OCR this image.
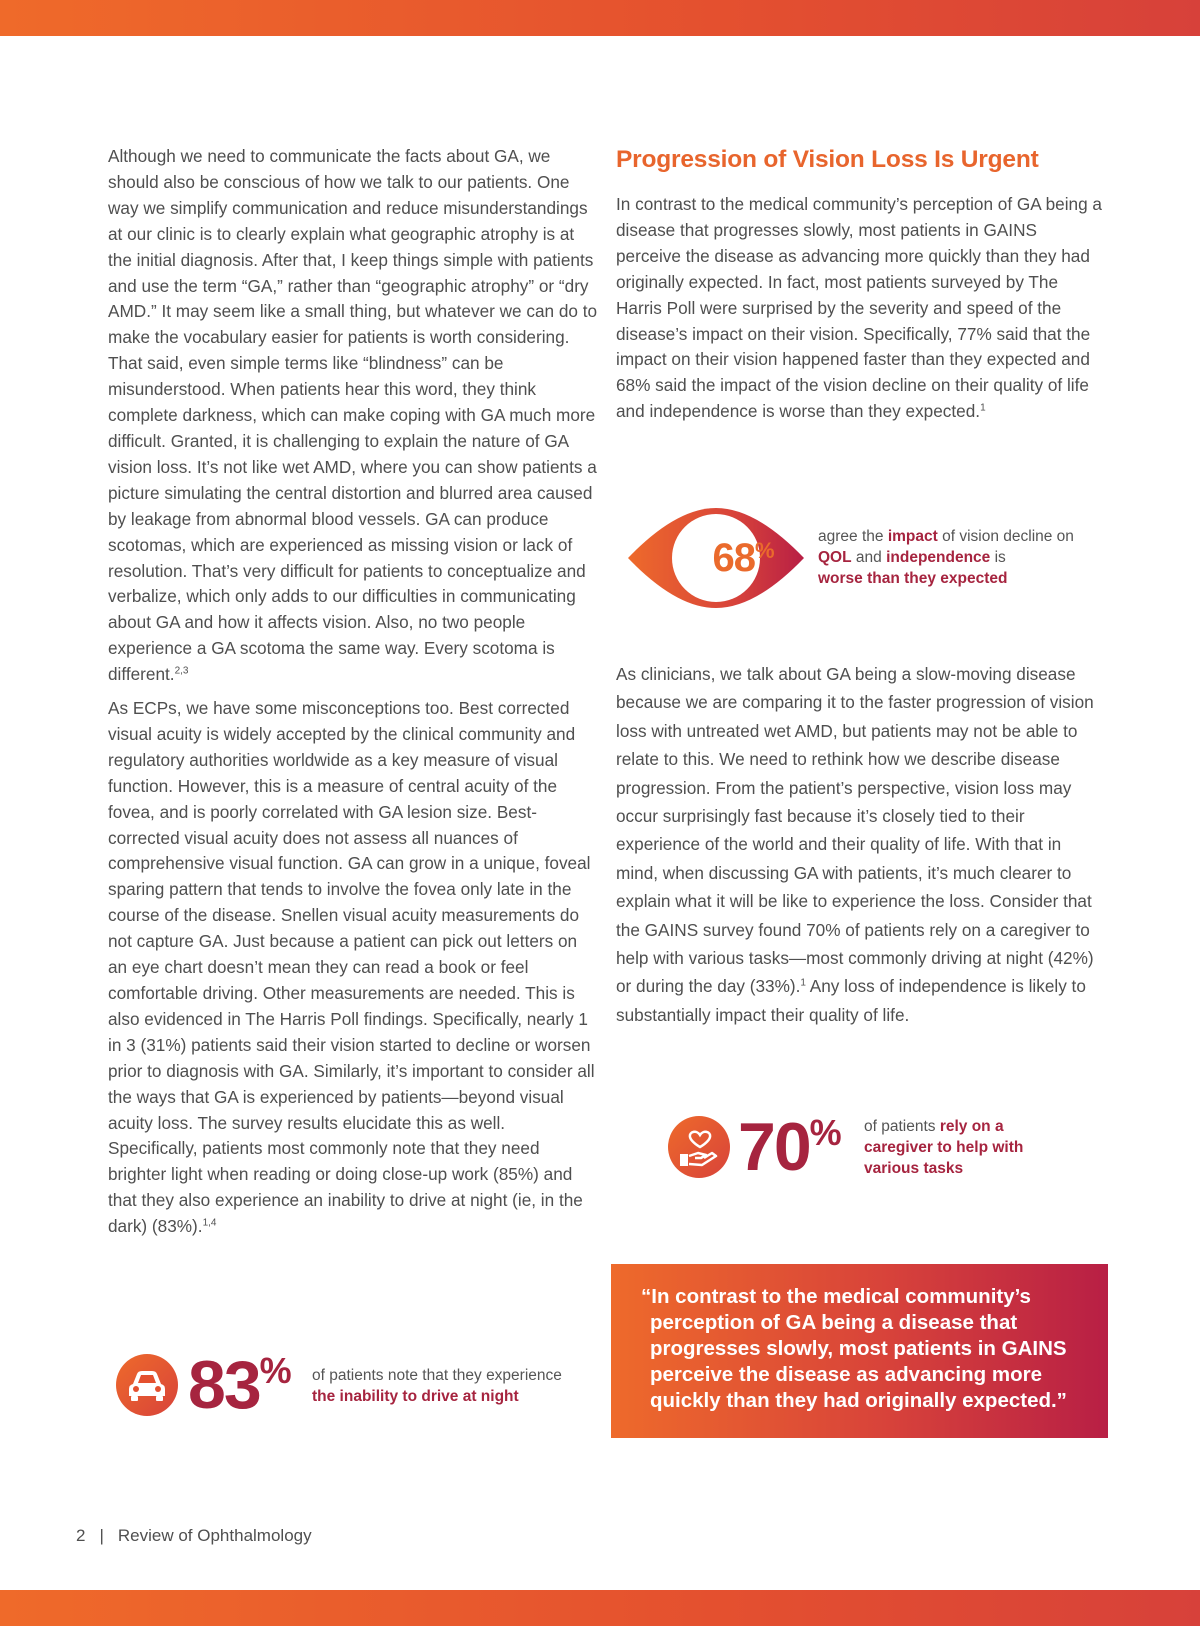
Although we need to communicate the facts about GA, we should also be conscious of how we talk to our patients. One way we simplify communication and reduce misunderstandings at our clinic is to clearly explain what geographic atrophy is at the initial diagnosis. After that, I keep things simple with patients and use the term “GA,” rather than “geographic atrophy” or “dry AMD.” It may seem like a small thing, but whatever we can do to make the vocabulary easier for patients is worth considering. That said, even simple terms like “blindness” can be misunderstood. When patients hear this word, they think complete darkness, which can make coping with GA much more difficult. Granted, it is challenging to explain the nature of GA vision loss. It’s not like wet AMD, where you can show patients a picture simulating the central distortion and blurred area caused by leakage from abnormal blood vessels. GA can produce scotomas, which are experienced as missing vision or lack of resolution. That’s very difficult for patients to conceptualize and verbalize, which only adds to our difficulties in communicating about GA and how it affects vision. Also, no two people experience a GA scotoma the same way. Every scotoma is different.$^{2,3}$

As ECPs, we have some misconceptions too. Best corrected visual acuity is widely accepted by the clinical community and regulatory authorities worldwide as a key measure of visual function. However, this is a measure of central acuity of the fovea, and is poorly correlated with GA lesion size. Best-corrected visual acuity does not assess all nuances of comprehensive visual function. GA can grow in a unique, foveal sparing pattern that tends to involve the fovea only late in the course of the disease. Snellen visual acuity measurements do not capture GA. Just because a patient can pick out letters on an eye chart doesn’t mean they can read a book or feel comfortable driving. Other measurements are needed. This is also evidenced in The Harris Poll findings. Specifically, nearly 1 in 3 (31%) patients said their vision started to decline or worsen prior to diagnosis with GA. Similarly, it’s important to consider all the ways that GA is experienced by patients—beyond visual acuity loss. The survey results elucidate this as well. Specifically, patients most commonly note that they need brighter light when reading or doing close-up work (85%) and that they also experience an inability to drive at night (ie, in the dark) (83%).$^{1,4}$

Progression of Vision Loss Is Urgent

In contrast to the medical community’s perception of GA being a disease that progresses slowly, most patients in GAINS perceive the disease as advancing more quickly than they had originally expected. In fact, most patients surveyed by The Harris Poll were surprised by the severity and speed of the disease’s impact on their vision. Specifically, 77% said that the impact on their vision happened faster than they expected and 68% said the impact of the vision decline on their quality of life and independence is worse than they expected.$^1$

68%
agree the impact of vision decline on QOL and independence is
worse than they expected

As clinicians, we talk about GA being a slow-moving disease because we are comparing it to the faster progression of vision loss with untreated wet AMD, but patients may not be able to relate to this. We need to rethink how we describe disease progression. From the patient’s perspective, vision loss may occur surprisingly fast because it’s closely tied to their experience of the world and their quality of life. With that in mind, when discussing GA with patients, it’s much clearer to explain what it will be like to experience the loss. Consider that the GAINS survey found 70% of patients rely on a caregiver to help with various tasks—most commonly driving at night (42%) or during the day (33%).$^1$ Any loss of independence is likely to substantially impact their quality of life.

70% of patients rely on a caregiver to help with various tasks
83% of patients note that they experience
the inability to drive at night

“In contrast to the medical community’s perception of GA being a disease that progresses slowly, most patients in GAINS perceive the disease as advancing more quickly than they had originally expected.”

2 | Review of Ophthalmology
